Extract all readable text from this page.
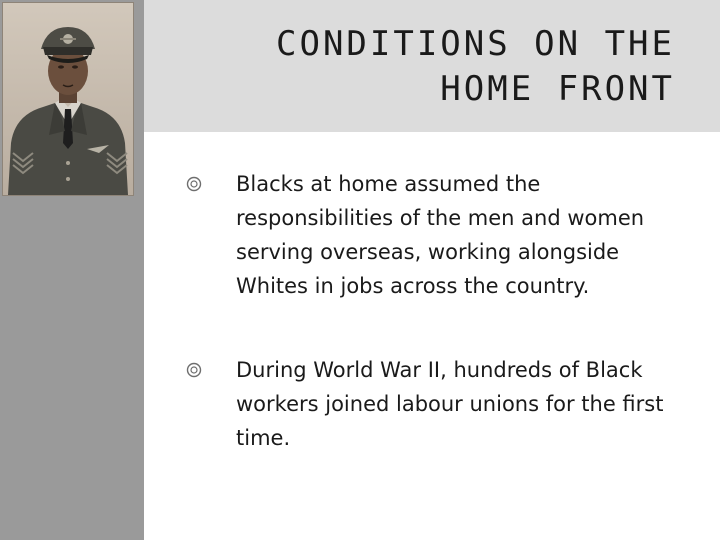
CONDITIONS ON THE
HOME FRONT
Blacks at home assumed the responsibilities of the men and women serving overseas, working alongside Whites in jobs across the country.
During World War II, hundreds of Black workers joined labour unions for the first time.
